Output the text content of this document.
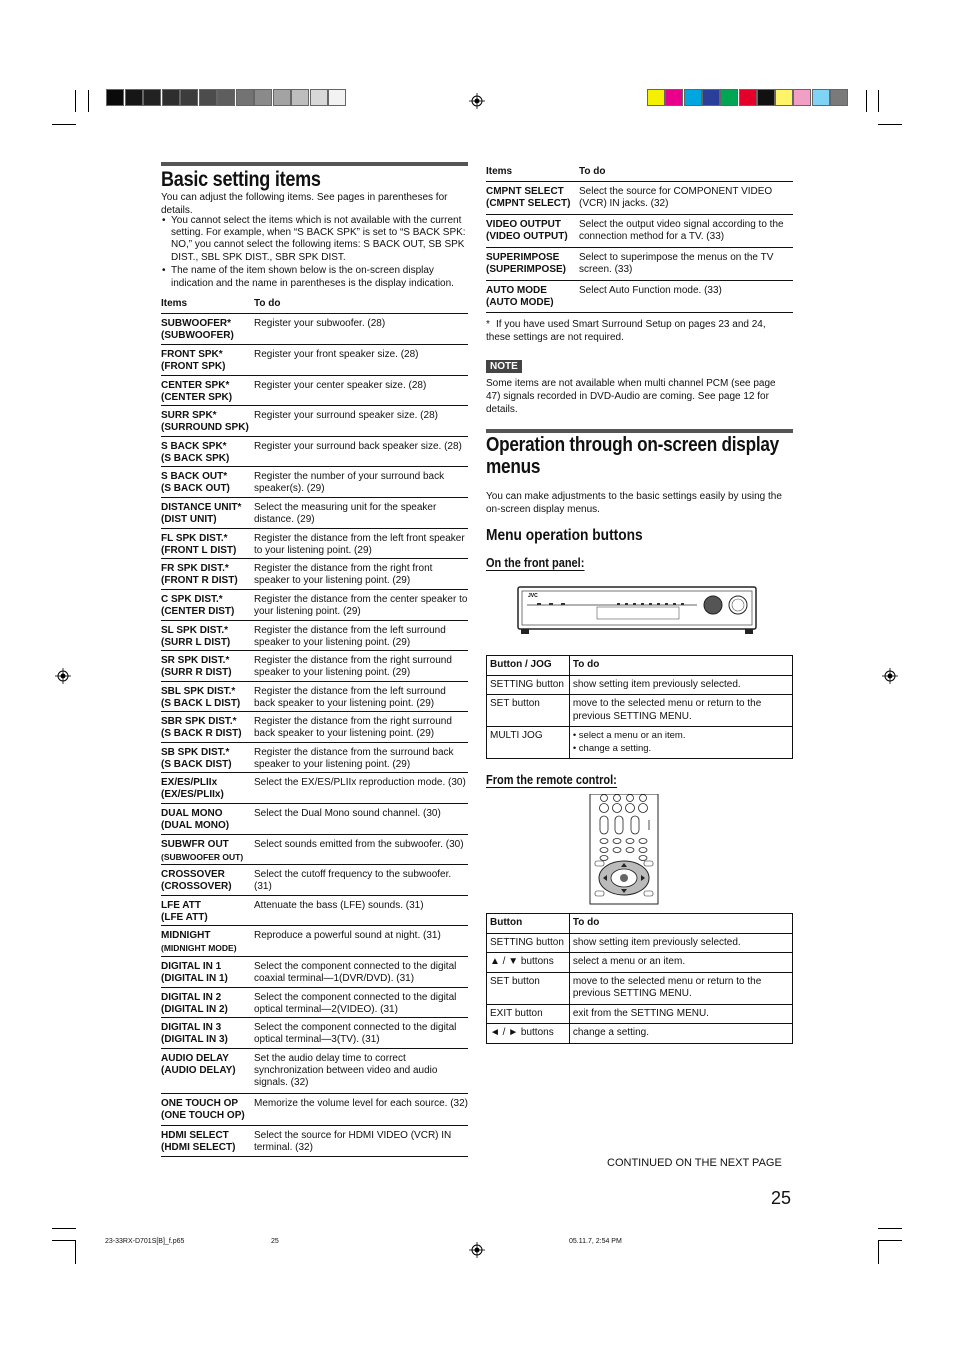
Basic setting items
You can adjust the following items. See pages in parentheses for details.
• You cannot select the items which is not available with the current setting. For example, when “S BACK SPK” is set to “S BACK SPK: NO,” you cannot select the following items: S BACK OUT, SB SPK DIST., SBL SPK DIST., SBR SPK DIST.
• The name of the item shown below is the on-screen display indication and the name in parentheses is the display indication.
Items	To do

SUBWOOFER*
(SUBWOOFER)	Register your subwoofer. (28)

FRONT SPK*
(FRONT SPK)	Register your front speaker size. (28)

CENTER SPK*
(CENTER SPK)	Register your center speaker size. (28)

SURR SPK*
(SURROUND SPK)	Register your surround speaker size. (28)

S BACK SPK*
(S BACK SPK)	Register your surround back speaker size. (28)

S BACK OUT*
(S BACK OUT)	Register the number of your surround back speaker(s). (29)

DISTANCE UNIT*
(DIST UNIT)	Select the measuring unit for the speaker distance. (29)

FL SPK DIST.*
(FRONT L DIST)	Register the distance from the left front speaker to your listening point. (29)

FR SPK DIST.*
(FRONT R DIST)	Register the distance from the right front speaker to your listening point. (29)

C SPK DIST.*
(CENTER DIST)	Register the distance from the center speaker to your listening point. (29)

SL SPK DIST.*
(SURR L DIST)	Register the distance from the left surround speaker to your listening point. (29)

SR SPK DIST.*
(SURR R DIST)	Register the distance from the right surround speaker to your listening point. (29)

SBL SPK DIST.*
(S BACK L DIST)	Register the distance from the left surround back speaker to your listening point. (29)

SBR SPK DIST.*
(S BACK R DIST)	Register the distance from the right surround back speaker to your listening point. (29)

SB SPK DIST.*
(S BACK DIST)	Register the distance from the surround back speaker to your listening point. (29)

EX/ES/PLIIx
(EX/ES/PLIIx)	Select the EX/ES/PLIIx reproduction mode. (30)

DUAL MONO
(DUAL MONO)	Select the Dual Mono sound channel. (30)

SUBWFR OUT
(SUBWOOFER OUT)	Select sounds emitted from the subwoofer. (30)

CROSSOVER
(CROSSOVER)	Select the cutoff frequency to the subwoofer. (31)

LFE ATT
(LFE ATT)	Attenuate the bass (LFE) sounds. (31)

MIDNIGHT
(MIDNIGHT MODE)	Reproduce a powerful sound at night. (31)

DIGITAL IN 1
(DIGITAL IN 1)	Select the component connected to the digital coaxial terminal—1(DVR/DVD). (31)

DIGITAL IN 2
(DIGITAL IN 2)	Select the component connected to the digital optical terminal—2(VIDEO). (31)

DIGITAL IN 3
(DIGITAL IN 3)	Select the component connected to the digital optical terminal—3(TV). (31)

AUDIO DELAY
(AUDIO DELAY)	Set the audio delay time to correct synchronization between video and audio signals. (32)

ONE TOUCH OP
(ONE TOUCH OP)	Memorize the volume level for each source. (32)

HDMI SELECT
(HDMI SELECT)	Select the source for HDMI VIDEO (VCR) IN terminal. (32)
Items	To do

CMPNT SELECT
(CMPNT SELECT)	Select the source for COMPONENT VIDEO (VCR) IN jacks. (32)

VIDEO OUTPUT
(VIDEO OUTPUT)	Select the output video signal according to the connection method for a TV. (33)

SUPERIMPOSE
(SUPERIMPOSE)	Select to superimpose the menus on the TV screen. (33)

AUTO MODE
(AUTO MODE)	Select Auto Function mode. (33)
* If you have used Smart Surround Setup on pages 23 and 24, these settings are not required.
NOTE
Some items are not available when multi channel PCM (see page 47) signals recorded in DVD-Audio are coming. See page 12 for details.
Operation through on-screen display menus
You can make adjustments to the basic settings easily by using the on-screen display menus.
Menu operation buttons
On the front panel:
JVC
Button / JOG	To do
SETTING button	show setting item previously selected.

SET button	move to the selected menu or return to the previous SETTING MENU.

MULTI JOG	• select a menu or an item.
• change a setting.
From the remote control:
Button	To do
SETTING button	show setting item previously selected.
▲ / ▼ buttons	select a menu or an item.
SET button	move to the selected menu or return to the previous SETTING MENU.
EXIT button	exit from the SETTING MENU.
◄ / ► buttons	change a setting.
CONTINUED ON THE NEXT PAGE
25
23-33RX-D701S[B]_f.p65	25	05.11.7, 2:54 PM
